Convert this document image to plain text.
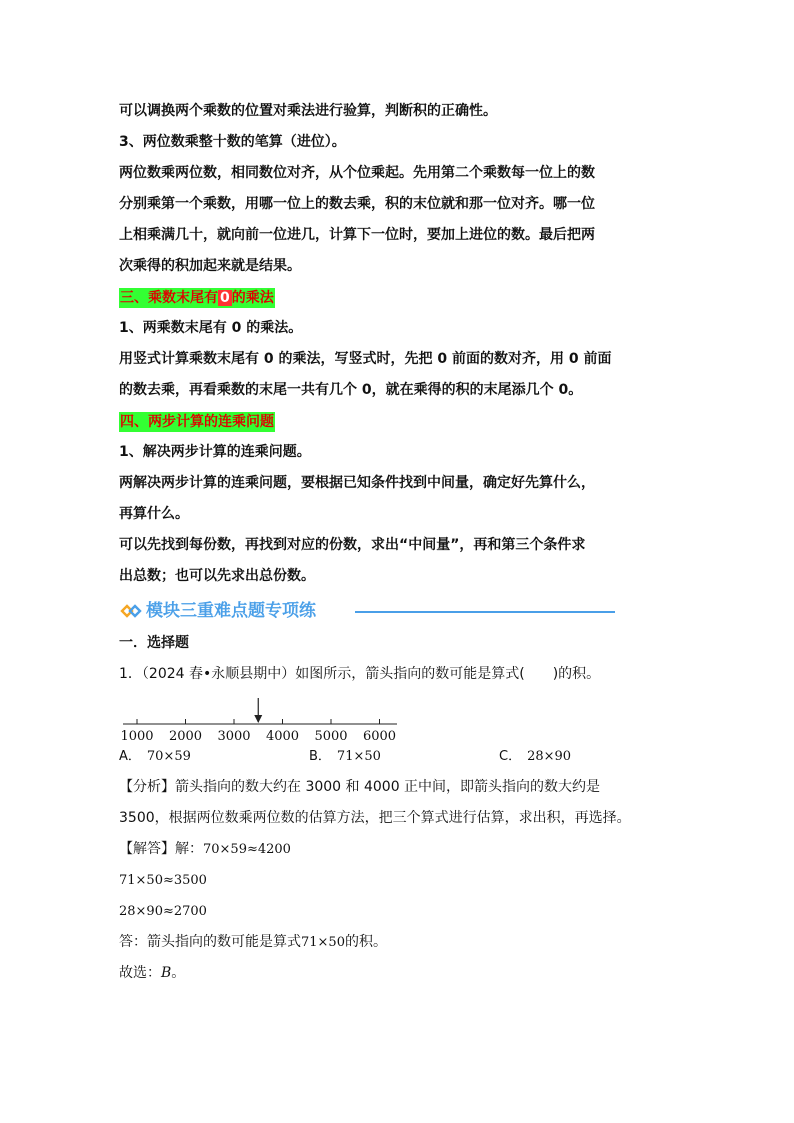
可以调换两个乘数的位置对乘法进行验算，判断积的正确性。

3、两位数乘整十数的笔算（进位）。

两位数乘两位数，相同数位对齐，从个位乘起。先用第二个乘数每一位上的数

分别乘第一个乘数，用哪一位上的数去乘，积的末位就和那一位对齐。哪一位

上相乘满几十，就向前一位进几，计算下一位时，要加上进位的数。最后把两

次乘得的积加起来就是结果。

三、乘数末尾有 0 的乘法

1、两乘数末尾有 0 的乘法。

用竖式计算乘数末尾有 0 的乘法，写竖式时，先把 0 前面的数对齐，用 0 前面

的数去乘，再看乘数的末尾一共有几个 0，就在乘得的积的末尾添几个 0。

四、两步计算的连乘问题

1、解决两步计算的连乘问题。

两解决两步计算的连乘问题，要根据已知条件找到中间量，确定好先算什么，

再算什么。

可以先找到每份数，再找到对应的份数，求出“中间量”，再和第三个条件求

出总数；也可以先求出总份数。

模块三重难点题专项练

一．选择题

1．（2024 春•永顺县期中）如图所示，箭头指向的数可能是算式(　　)的积。

1000 2000 3000 4000 5000 6000
A． 70×59	B． 71×50	C． 28×90

【分析】箭头指向的数大约在 3000 和 4000 正中间，即箭头指向的数大约是

3500，根据两位数乘两位数的估算方法，把三个算式进行估算，求出积，再选择。

【解答】解：70×59≈4200

71×50≈3500

28×90≈2700

答：箭头指向的数可能是算式71×50的积。

故选：B。
